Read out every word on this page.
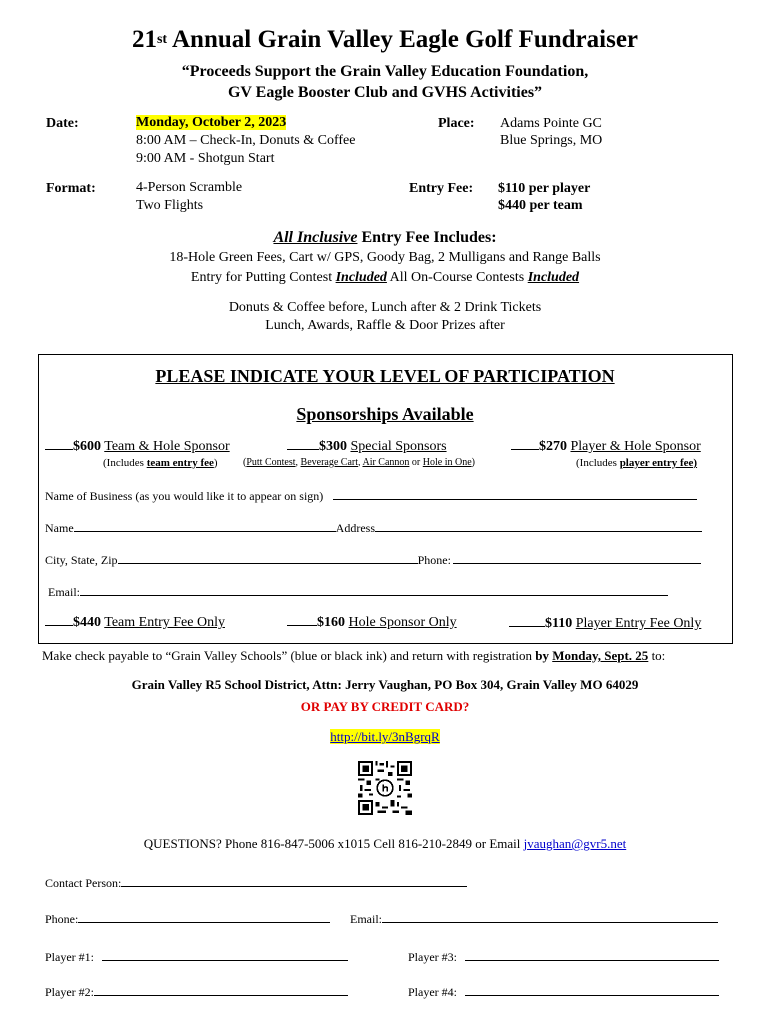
21st Annual Grain Valley Eagle Golf Fundraiser
“Proceeds Support the Grain Valley Education Foundation,
GV Eagle Booster Club and GVHS Activities”
Date:	Monday, October 2, 2023
8:00 AM – Check-In, Donuts & Coffee
9:00 AM - Shotgun Start
Place: Adams Pointe GC
Blue Springs, MO
Format:	4-Person Scramble
Two Flights
Entry Fee: $110 per player
$440 per team
All Inclusive Entry Fee Includes:
18-Hole Green Fees, Cart w/ GPS, Goody Bag, 2 Mulligans and Range Balls
Entry for Putting Contest Included All On-Course Contests Included
Donuts & Coffee before, Lunch after & 2 Drink Tickets
Lunch, Awards, Raffle & Door Prizes after
PLEASE INDICATE YOUR LEVEL OF PARTICIPATION
Sponsorships Available
$600 Team & Hole Sponsor
(Includes team entry fee)
$300 Special Sponsors
(Putt Contest, Beverage Cart, Air Cannon or Hole in One)
$270 Player & Hole Sponsor
(Includes player entry fee)
Name of Business (as you would like it to appear on sign)
Name	Address
City, State, Zip	Phone:
Email:
$440 Team Entry Fee Only	$160 Hole Sponsor Only	$110 Player Entry Fee Only
Make check payable to “Grain Valley Schools” (blue or black ink) and return with registration by Monday, Sept. 25 to:
Grain Valley R5 School District, Attn: Jerry Vaughan, PO Box 304, Grain Valley MO 64029
OR PAY BY CREDIT CARD?
http://bit.ly/3nBgrqR
QUESTIONS? Phone 816-847-5006 x1015 Cell 816-210-2849 or Email jvaughan@gvr5.net
Contact Person:
Phone:	Email:
Player #1:	Player #3:
Player #2:	Player #4:
